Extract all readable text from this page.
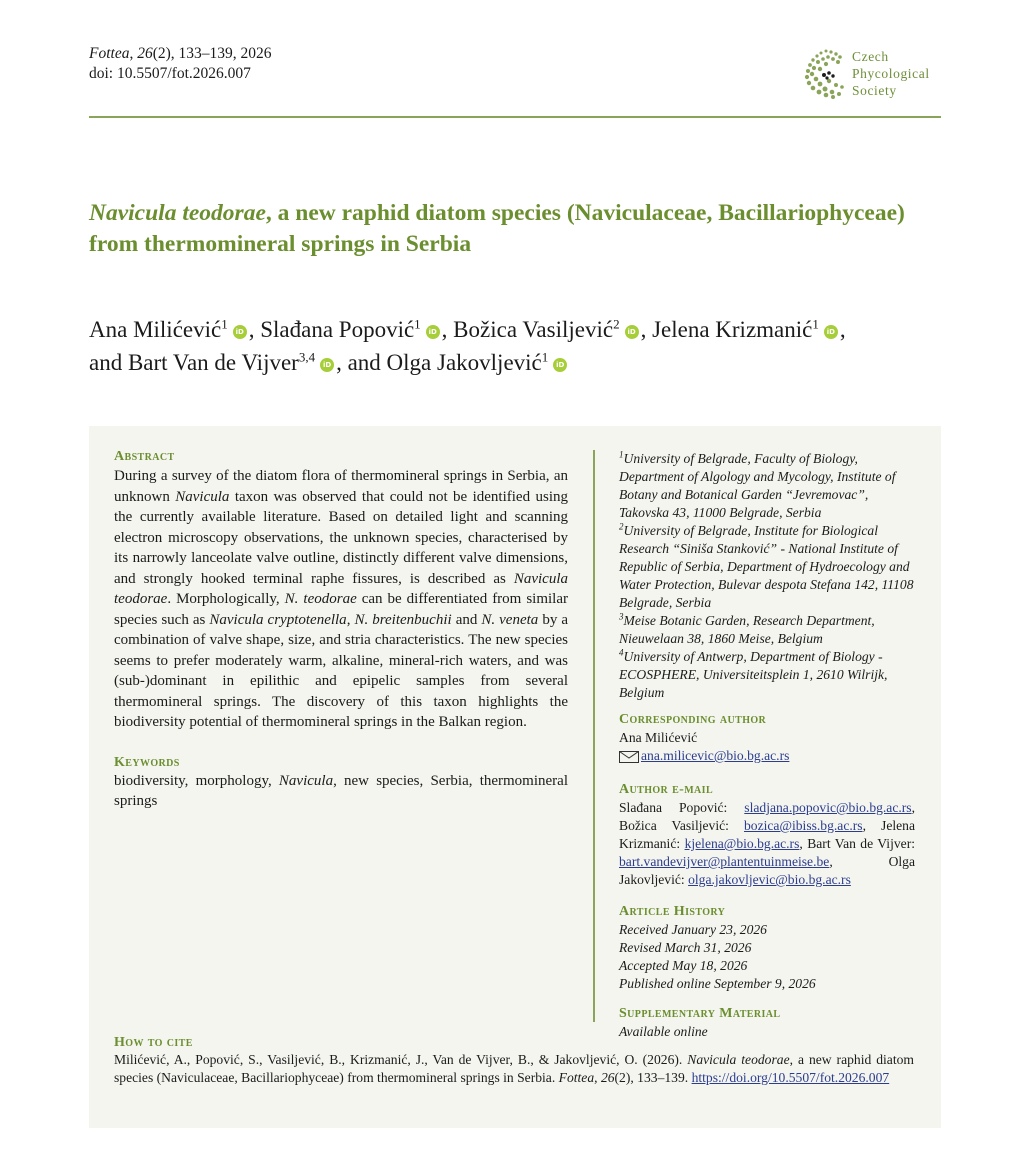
Fottea, 26(2), 133–139, 2026
doi: 10.5507/fot.2026.007
Czech
Phycological
Society
Navicula teodorae, a new raphid diatom species (Naviculaceae, Bacillariophyceae) from thermomineral springs in Serbia
Ana Milićević$^1$iD , Slađana Popović$^1$iD , Božica Vasiljević$^2$iD , Jelena Krizmanić$^1$iD ,
and Bart Van de Vijver$^{3,4}$iD , and Olga Jakovljević$^1$iD
Abstract
During a survey of the diatom flora of thermomineral springs in Serbia, an unknown Navicula taxon was observed that could not be identified using the currently available literature. Based on detailed light and scanning electron microscopy observations, the unknown species, characterised by its narrowly lanceolate valve outline, distinctly different valve dimensions, and strongly hooked terminal raphe fissures, is described as Navicula teodorae. Morphologically, N. teodorae can be differentiated from similar species such as Navicula cryptotenella, N. breitenbuchii and N. veneta by a combination of valve shape, size, and stria characteristics. The new species seems to prefer moderately warm, alkaline, mineral-rich waters, and was (sub-)dominant in epilithic and epipelic samples from several thermomineral springs. The discovery of this taxon highlights the biodiversity potential of thermomineral springs in the Balkan region.
Keywords
biodiversity, morphology, Navicula, new species, Serbia, thermomineral springs
$^1$University of Belgrade, Faculty of Biology, Department of Algology and Mycology, Institute of Botany and Botanical Garden “Jevremovac”, Takovska 43, 11000 Belgrade, Serbia
$^2$University of Belgrade, Institute for Biological Research “Siniša Stanković” - National Institute of Republic of Serbia, Department of Hydroecology and Water Protection, Bulevar despota Stefana 142, 11108 Belgrade, Serbia
$^3$Meise Botanic Garden, Research Department, Nieuwelaan 38, 1860 Meise, Belgium
$^4$University of Antwerp, Department of Biology - ECOSPHERE, Universiteitsplein 1, 2610 Wilrijk, Belgium
Corresponding author
Ana Milićević
ana.milicevic@bio.bg.ac.rs
Author e-mail
Slađana Popović: sladjana.popovic@bio.bg.ac.rs, Božica Vasiljević: bozica@ibiss.bg.ac.rs, Jelena Krizmanić: kjelena@bio.bg.ac.rs, Bart Van de Vijver: bart.vandevijver@plantentuinmeise.be, Olga Jakovljević: olga.jakovljevic@bio.bg.ac.rs
Article History
Received January 23, 2026
Revised March 31, 2026
Accepted May 18, 2026
Published online September 9, 2026
Supplementary Material
Available online
How to cite
Milićević, A., Popović, S., Vasiljević, B., Krizmanić, J., Van de Vijver, B., & Jakovljević, O. (2026). Navicula teodorae, a new raphid diatom species (Naviculaceae, Bacillariophyceae) from thermomineral springs in Serbia. Fottea, 26(2), 133–139. https://doi.org/10.5507/fot.2026.007
